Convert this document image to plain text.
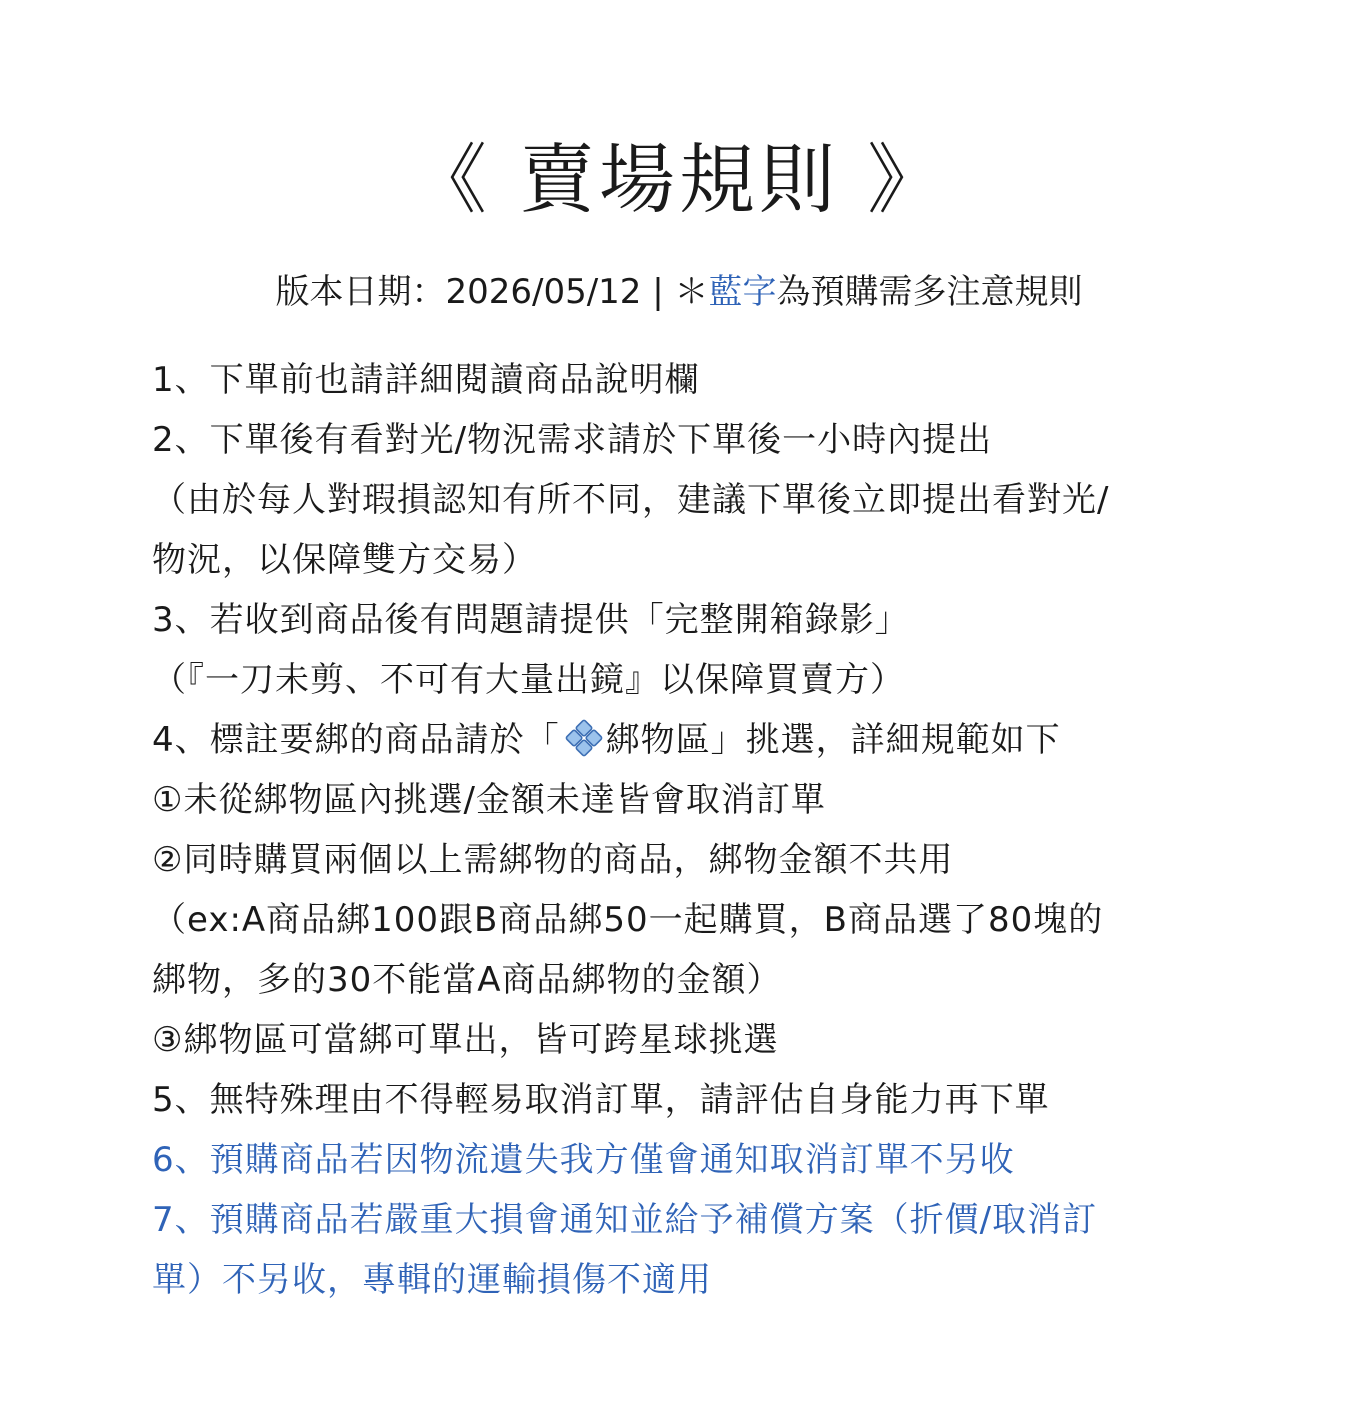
《 賣場規則 》

版本日期：2026/05/12 | ＊藍字為預購需多注意規則

1、下單前也請詳細閱讀商品說明欄
2、下單後有看對光/物況需求請於下單後一小時內提出
（由於每人對瑕損認知有所不同，建議下單後立即提出看對光/
物況，以保障雙方交易）
3、若收到商品後有問題請提供「完整開箱錄影」
（『一刀未剪、不可有大量出鏡』以保障買賣方）
4、標註要綁的商品請於「 綁物區」挑選，詳細規範如下
①未從綁物區內挑選/金額未達皆會取消訂單
②同時購買兩個以上需綁物的商品，綁物金額不共用
（ex:A商品綁100跟B商品綁50一起購買，B商品選了80塊的
綁物，多的30不能當A商品綁物的金額）
③綁物區可當綁可單出，皆可跨星球挑選
5、無特殊理由不得輕易取消訂單，請評估自身能力再下單
6、預購商品若因物流遺失我方僅會通知取消訂單不另收
7、預購商品若嚴重大損會通知並給予補償方案（折價/取消訂
單）不另收，專輯的運輸損傷不適用
